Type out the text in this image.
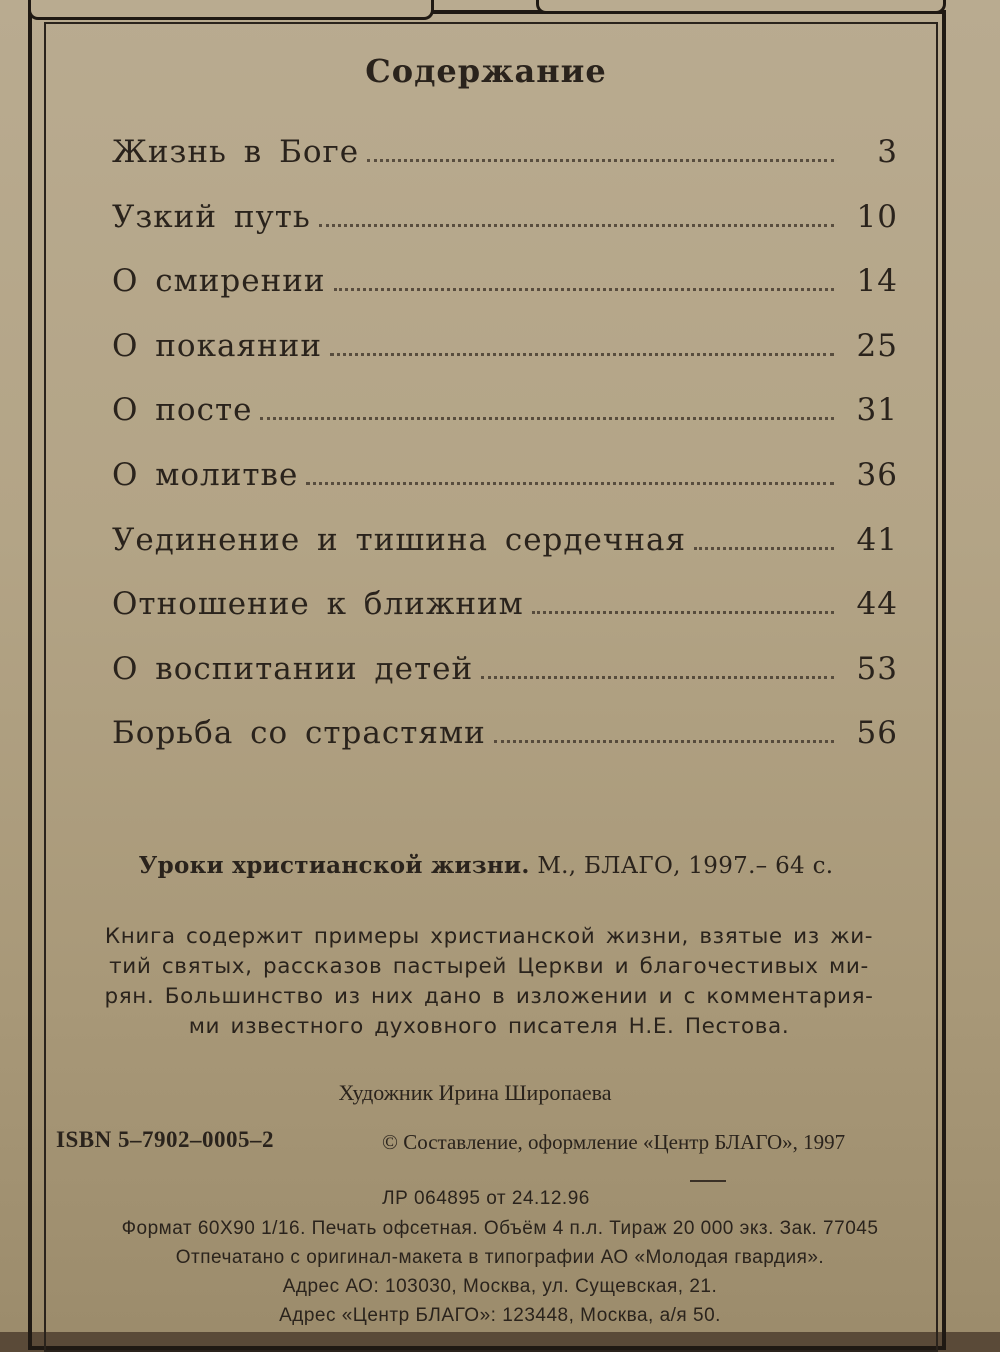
Содержание
Жизнь в Боге	3
Узкий путь	10
О смирении	14
О покаянии	25
О посте	31
О молитве	36
Уединение и тишина сердечная	41
Отношение к ближним	44
О воспитании детей	53
Борьба со страстями	56
Уроки христианской жизни. М., БЛАГО, 1997.– 64 с.
Книга содержит примеры христианской жизни, взятые из жи-
тий святых, рассказов пастырей Церкви и благочестивых ми-
рян. Большинство из них дано в изложении и с комментария-
ми известного духовного писателя Н.Е. Пестова.
Художник Ирина Широпаева
ISBN 5–7902–0005–2	© Составление, оформление «Центр БЛАГО», 1997
ЛР 064895 от 24.12.96
Формат 60Х90 1/16. Печать офсетная. Объём 4 п.л. Тираж 20 000 экз. Зак. 77045
Отпечатано с оригинал-макета в типографии АО «Молодая гвардия».
Адрес АО: 103030, Москва, ул. Сущевская, 21.
Адрес «Центр БЛАГО»: 123448, Москва, а/я 50.
